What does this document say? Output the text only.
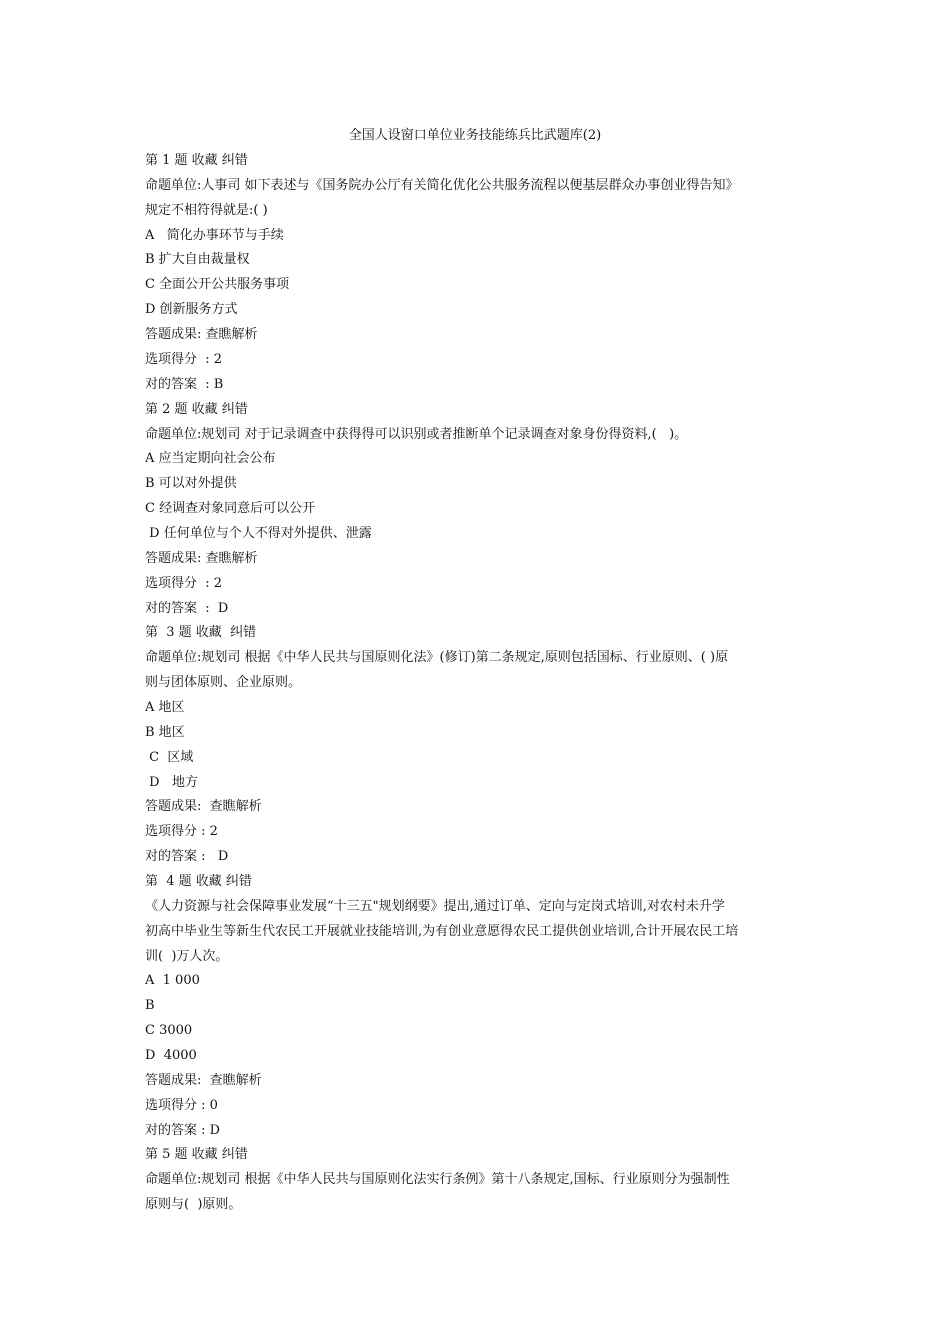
全国人设窗口单位业务技能练兵比武题库(2)
第 1 题 收藏 纠错
命题单位:人事司 如下表述与《国务院办公厅有关简化优化公共服务流程以便基层群众办事创业得告知》
规定不相符得就是:( )
A   简化办事环节与手续
B 扩大自由裁量权
C 全面公开公共服务事项
D 创新服务方式
答题成果: 查瞧解析
选项得分  : 2
对的答案  : B
第 2 题 收藏 纠错
命题单位:规划司 对于记录调查中获得得可以识别或者推断单个记录调查对象身份得资料,(   )。
A 应当定期向社会公布
B 可以对外提供
C 经调查对象同意后可以公开
D 任何单位与个人不得对外提供、泄露
答题成果: 查瞧解析
选项得分  : 2
对的答案  :  D
第  3 题 收藏  纠错
命题单位:规划司 根据《中华人民共与国原则化法》(修订)第二条规定,原则包括国标、行业原则、( )原
则与团体原则、企业原则。
A 地区
B 地区
C  区域
D   地方
答题成果:  查瞧解析
选项得分 : 2
对的答案 :   D
第  4 题 收藏 纠错
《人力资源与社会保障事业发展“十三五"规划纲要》提出,通过订单、定向与定岗式培训,对农村未升学
初高中毕业生等新生代农民工开展就业技能培训,为有创业意愿得农民工提供创业培训,合计开展农民工培
训(  )万人次。
A  1 000
B
C 3000
D  4000
答题成果:  查瞧解析
选项得分 : 0
对的答案 : D
第 5 题 收藏 纠错
命题单位:规划司 根据《中华人民共与国原则化法实行条例》第十八条规定,国标、行业原则分为强制性
原则与(  )原则。
